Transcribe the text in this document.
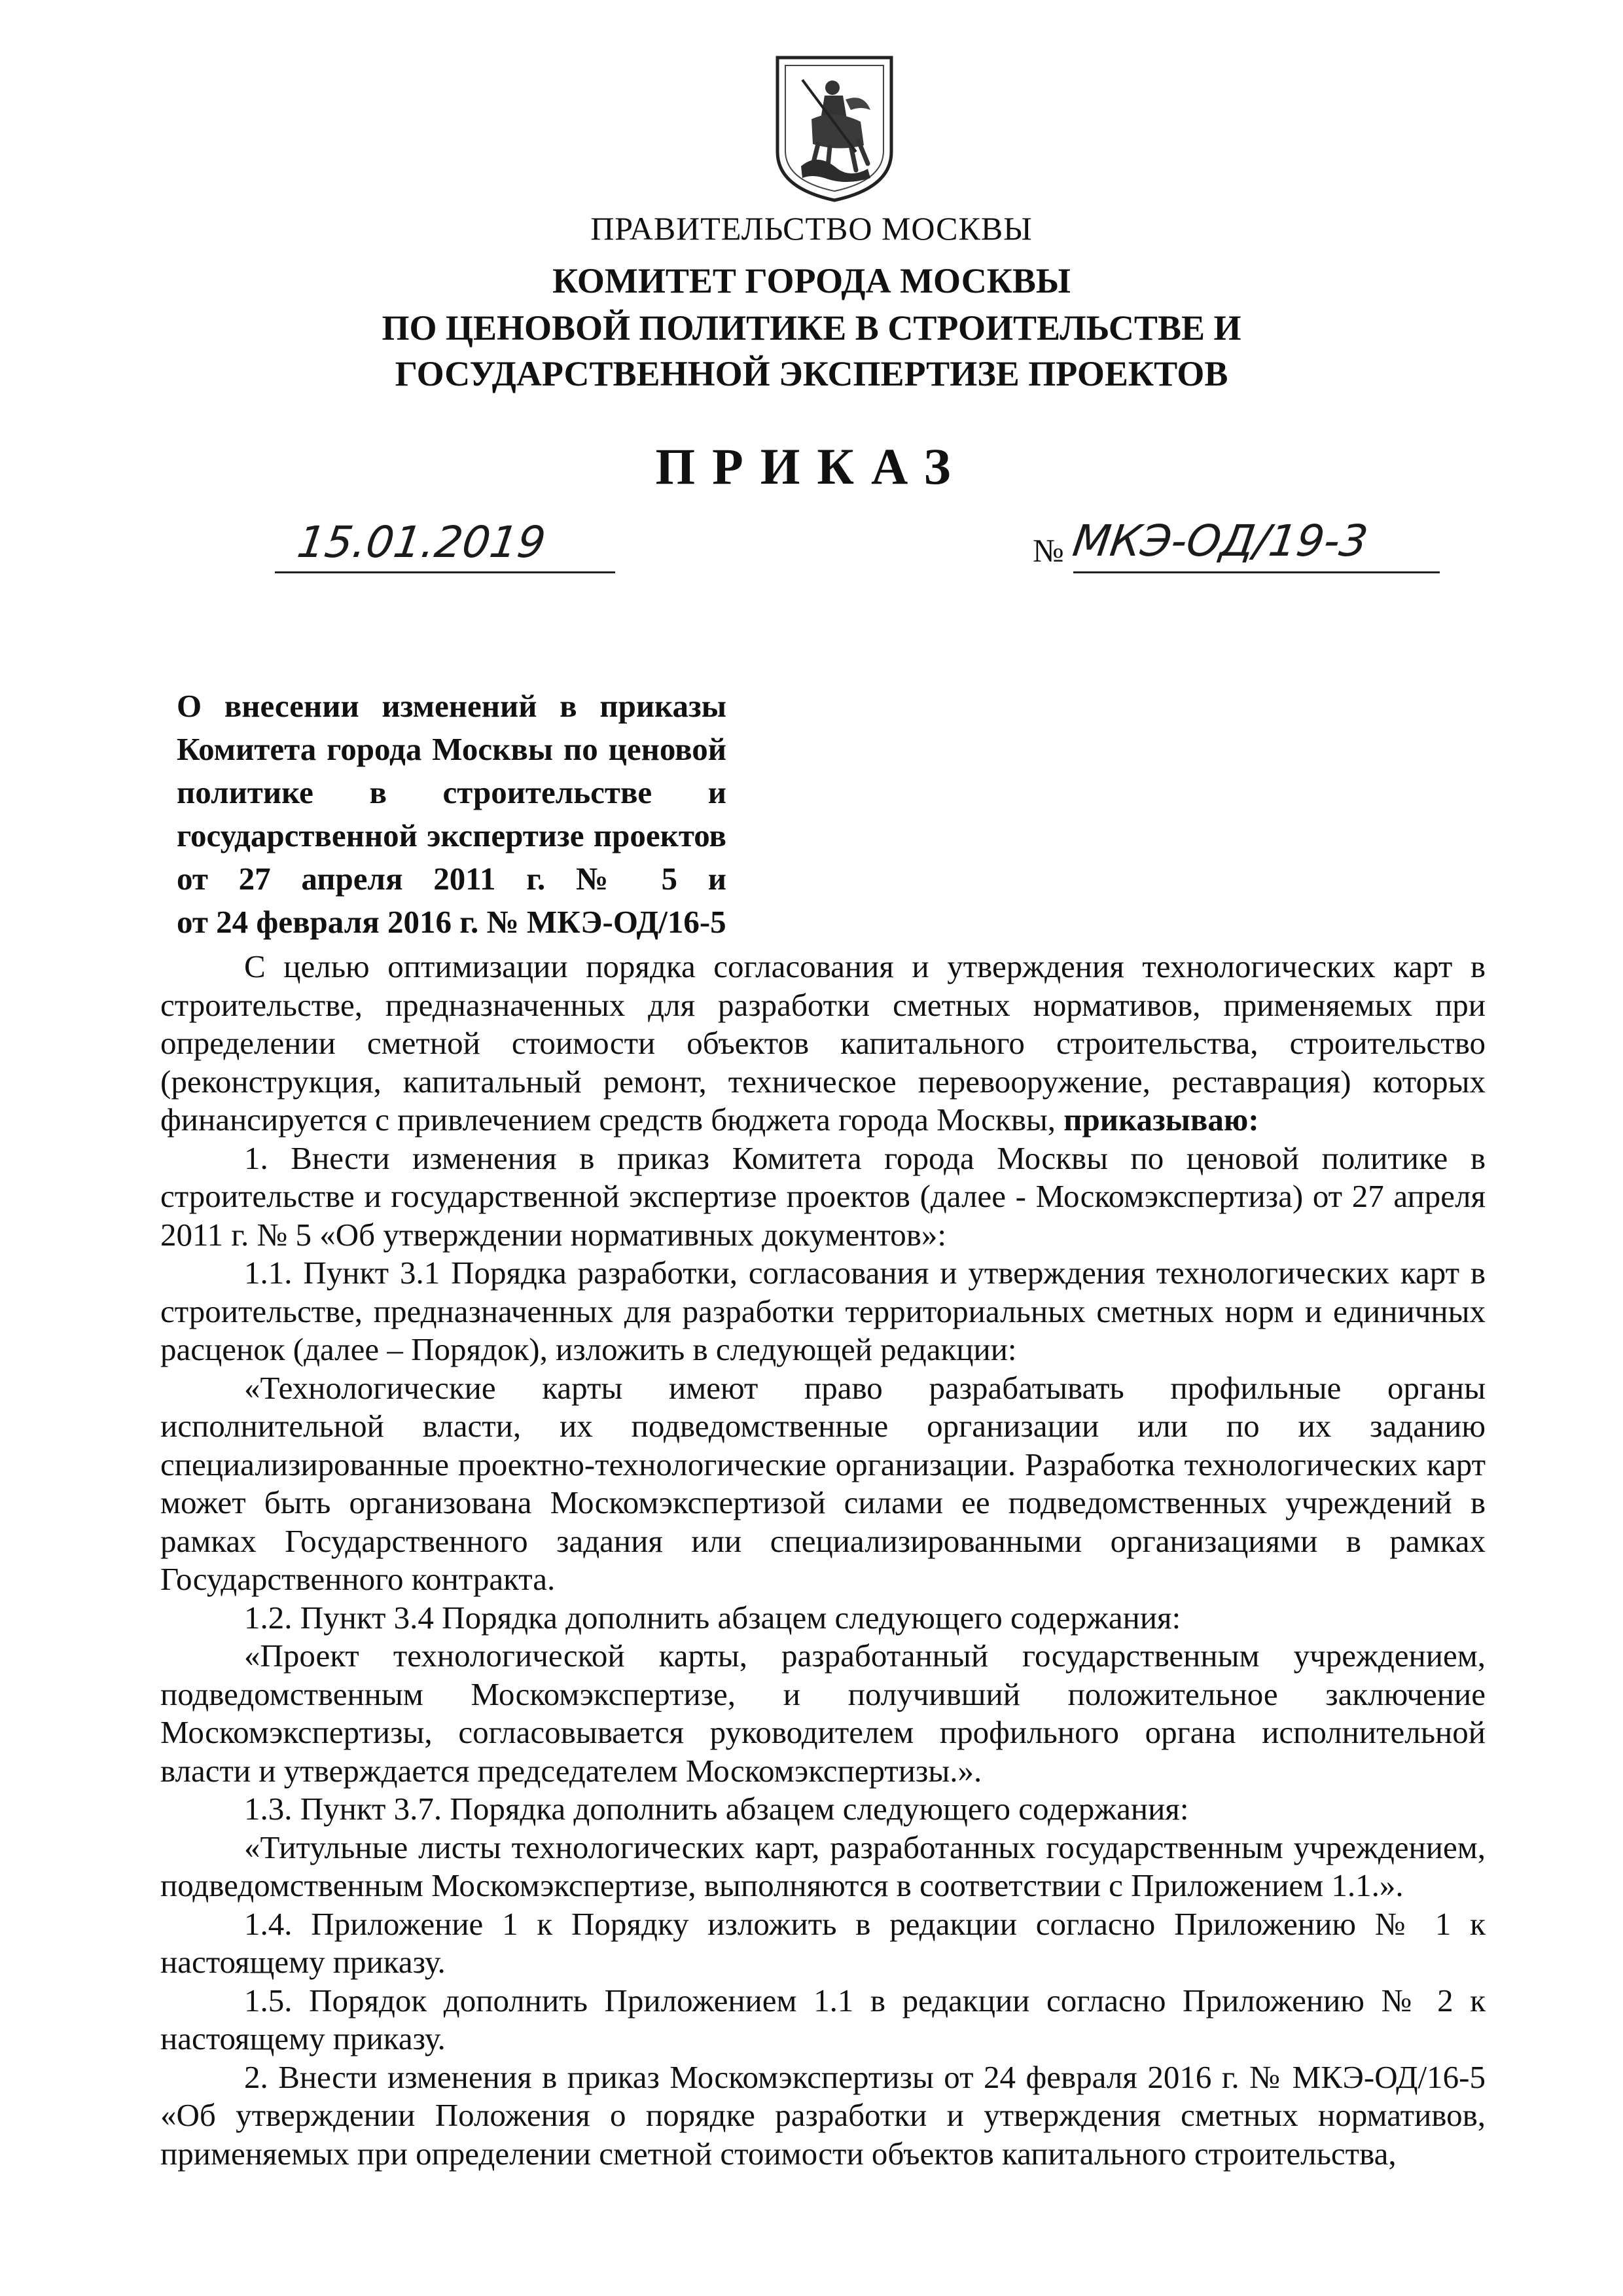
ПРАВИТЕЛЬСТВО МОСКВЫ
КОМИТЕТ ГОРОДА МОСКВЫ
ПО ЦЕНОВОЙ ПОЛИТИКЕ В СТРОИТЕЛЬСТВЕ И
ГОСУДАРСТВЕННОЙ ЭКСПЕРТИЗЕ ПРОЕКТОВ
ПРИКАЗ
15.01.2019	№ МКЭ-ОД/19-3
О внесении изменений в приказы
Комитета города Москвы по ценовой
политике в строительстве и
государственной экспертизе проектов
от 27 апреля 2011 г. № 5 и
от 24 февраля 2016 г. № МКЭ-ОД/16-5

С целью оптимизации порядка согласования и утверждения технологических карт в строительстве, предназначенных для разработки сметных нормативов, применяемых при определении сметной стоимости объектов капитального строительства, строительство (реконструкция, капитальный ремонт, техническое перевооружение, реставрация) которых финансируется с привлечением средств бюджета города Москвы, приказываю:

1. Внести изменения в приказ Комитета города Москвы по ценовой политике в строительстве и государственной экспертизе проектов (далее - Москомэкспертиза) от 27 апреля 2011 г. № 5 «Об утверждении нормативных документов»:

1.1. Пункт 3.1 Порядка разработки, согласования и утверждения технологических карт в строительстве, предназначенных для разработки территориальных сметных норм и единичных расценок (далее – Порядок), изложить в следующей редакции:

«Технологические карты имеют право разрабатывать профильные органы исполнительной власти, их подведомственные организации или по их заданию специализированные проектно-технологические организации. Разработка технологических карт может быть организована Москомэкспертизой силами ее подведомственных учреждений в рамках Государственного задания или специализированными организациями в рамках Государственного контракта.

1.2. Пункт 3.4 Порядка дополнить абзацем следующего содержания:

«Проект технологической карты, разработанный государственным учреждением, подведомственным Москомэкспертизе, и получивший положительное заключение Москомэкспертизы, согласовывается руководителем профильного органа исполнительной власти и утверждается председателем Москомэкспертизы.».

1.3. Пункт 3.7. Порядка дополнить абзацем следующего содержания:

«Титульные листы технологических карт, разработанных государственным учреждением, подведомственным Москомэкспертизе, выполняются в соответствии с Приложением 1.1.».

1.4. Приложение 1 к Порядку изложить в редакции согласно Приложению № 1 к настоящему приказу.

1.5. Порядок дополнить Приложением 1.1 в редакции согласно Приложению № 2 к настоящему приказу.

2. Внести изменения в приказ Москомэкспертизы от 24 февраля 2016 г. № МКЭ-ОД/16-5 «Об утверждении Положения о порядке разработки и утверждения сметных нормативов, применяемых при определении сметной стоимости объектов капитального строительства,
